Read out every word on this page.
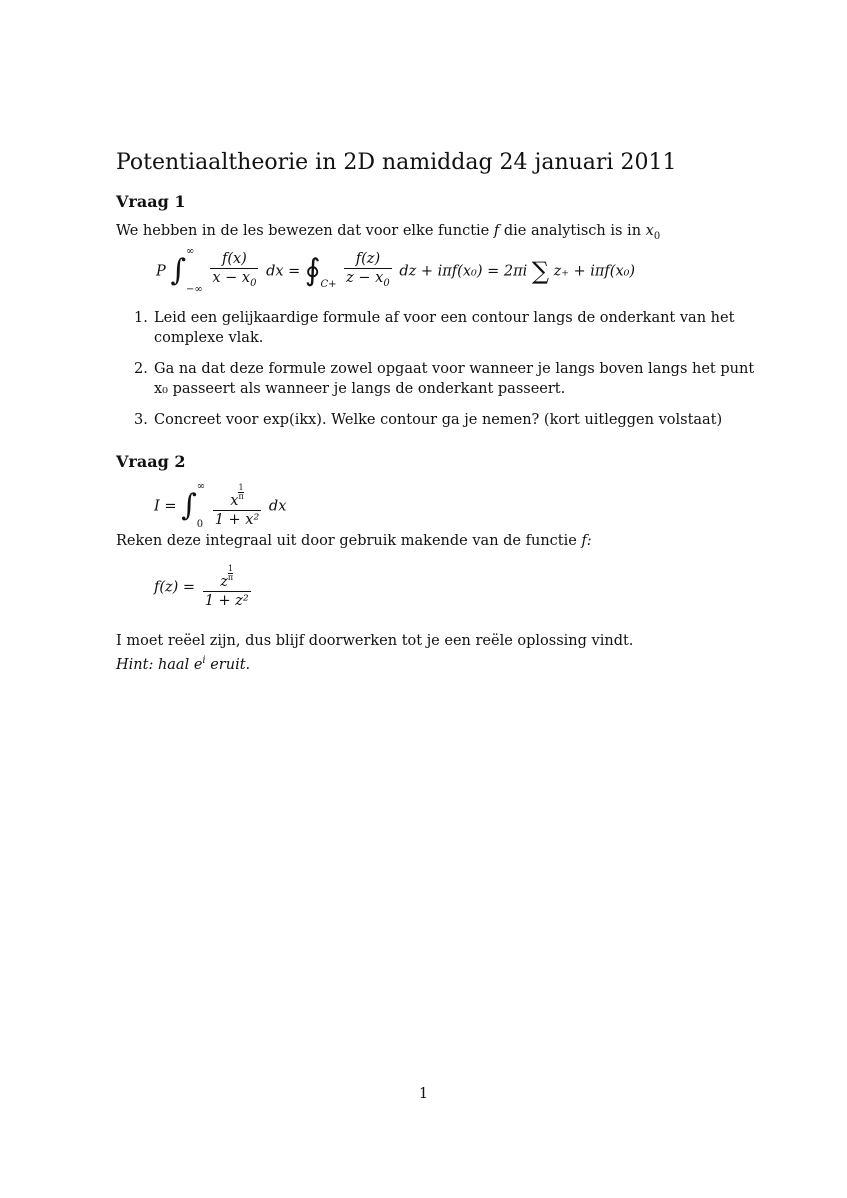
Potentiaaltheorie in 2D namiddag 24 januari 2011
Vraag 1
We hebben in de les bewezen dat voor elke functie f die analytisch is in $x_0$
P ∫
∞
−∞
$\frac{f(x)}{x - x_0}$ dx = ∮ C+
$\frac{f(z)}{z - x_0}$ dz + iπf(x₀) = 2πi ∑ z₊ + iπf(x₀)
1. Leid een gelijkaardige formule af voor een contour langs de onderkant van het complexe vlak.
2. Ga na dat deze formule zowel opgaat voor wanneer je langs boven langs het punt x₀ passeert als wanneer je langs de onderkant passeert.
3. Concreet voor exp(ikx). Welke contour ga je nemen? (kort uitleggen volstaat)
Vraag 2
I = ∫
∞
0
$\frac{x \frac{1}{\pi}}{\text{1 + x²}}$ dx
Reken deze integraal uit door gebruik makende van de functie f:
$f(z) = \frac{z \frac{1}{\pi}}{\text{1 + z²}}$
I moet reëel zijn, dus blijf doorwerken tot je een reële oplossing vindt.
Hint: haal $e^i$ eruit.
1
